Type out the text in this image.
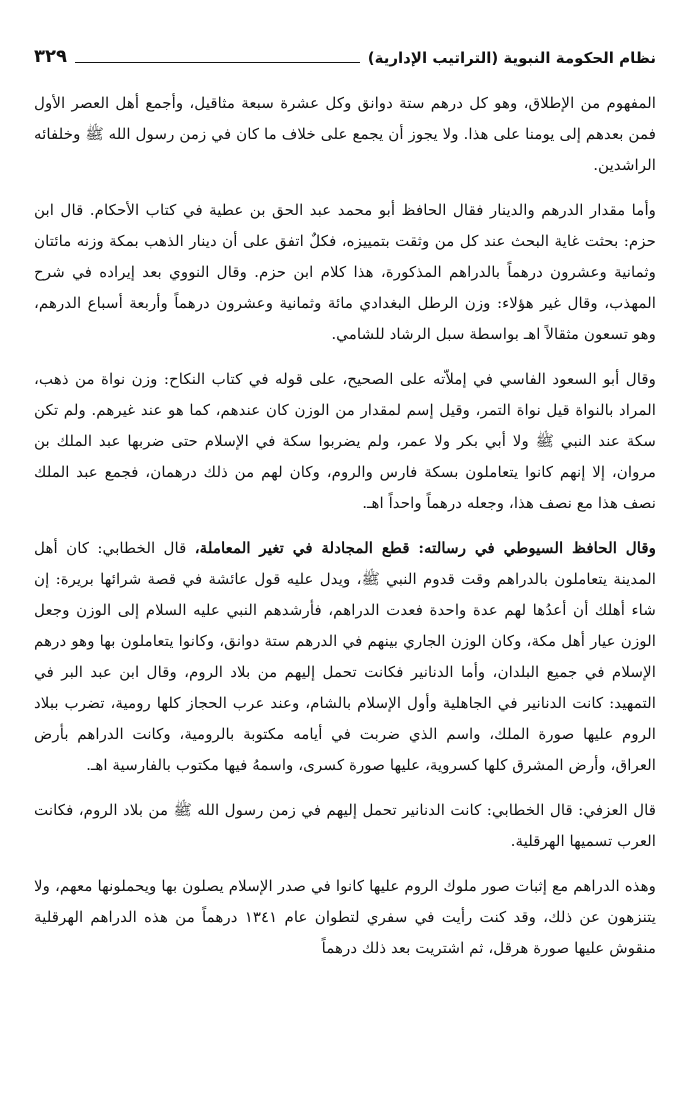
نظام الحكومة النبوية (التراتيب الإدارية)
٣٢٩

المفهوم من الإطلاق، وهو كل درهم ستة دوانق وكل عشرة سبعة مثاقيل، وأجمع أهل العصر الأول فمن بعدهم إلى يومنا على هذا. ولا يجوز أن يجمع على خلاف ما كان في زمن رسول الله ﷺ وخلفائه الراشدين.

وأما مقدار الدرهم والدينار فقال الحافظ أبو محمد عبد الحق بن عطية في كتاب الأحكام. قال ابن حزم: بحثت غاية البحث عند كل من وثقت بتمييزه، فكلٌ اتفق على أن دينار الذهب بمكة وزنه مائتان وثمانية وعشرون درهماً بالدراهم المذكورة، هذا كلام ابن حزم. وقال النووي بعد إيراده في شرح المهذب، وقال غير هؤلاء: وزن الرطل البغدادي مائة وثمانية وعشرون درهماً وأربعة أسباع الدرهم، وهو تسعون مثقالاً اهـ بواسطة سبل الرشاد للشامي.

وقال أبو السعود الفاسي في إملاّته على الصحيح، على قوله في كتاب النكاح: وزن نواة من ذهب، المراد بالنواة قيل نواة التمر، وقيل إسم لمقدار من الوزن كان عندهم، كما هو عند غيرهم. ولم تكن سكة عند النبي ﷺ ولا أبي بكر ولا عمر، ولم يضربوا سكة في الإسلام حتى ضربها عبد الملك بن مروان، إلا إنهم كانوا يتعاملون بسكة فارس والروم، وكان لهم من ذلك درهمان، فجمع عبد الملك نصف هذا مع نصف هذا، وجعله درهماً واحداً اهـ.

وقال الحافظ السيوطي في رسالته: قطع المجادلة في تغير المعاملة، قال الخطابي: كان أهل المدينة يتعاملون بالدراهم وقت قدوم النبي ﷺ، ويدل عليه قول عائشة في قصة شرائها بريرة: إن شاء أهلك أن أعدُها لهم عدة واحدة فعدت الدراهم، فأرشدهم النبي عليه السلام إلى الوزن وجعل الوزن عيار أهل مكة، وكان الوزن الجاري بينهم في الدرهم ستة دوانق، وكانوا يتعاملون بها وهو درهم الإسلام في جميع البلدان، وأما الدنانير فكانت تحمل إليهم من بلاد الروم، وقال ابن عبد البر في التمهيد: كانت الدنانير في الجاهلية وأول الإسلام بالشام، وعند عرب الحجاز كلها رومية، تضرب ببلاد الروم عليها صورة الملك، واسم الذي ضربت في أيامه مكتوبة بالرومية، وكانت الدراهم بأرض العراق، وأرض المشرق كلها كسروية، عليها صورة كسرى، واسمهُ فيها مكتوب بالفارسية اهـ.

قال العزفي: قال الخطابي: كانت الدنانير تحمل إليهم في زمن رسول الله ﷺ من بلاد الروم، فكانت العرب تسميها الهرقلية.

وهذه الدراهم مع إثبات صور ملوك الروم عليها كانوا في صدر الإسلام يصلون بها ويحملونها معهم، ولا يتنزهون عن ذلك، وقد كنت رأيت في سفري لتطوان عام ١٣٤١ درهماً من هذه الدراهم الهرقلية منقوش عليها صورة هرقل، ثم اشتريت بعد ذلك درهماً
